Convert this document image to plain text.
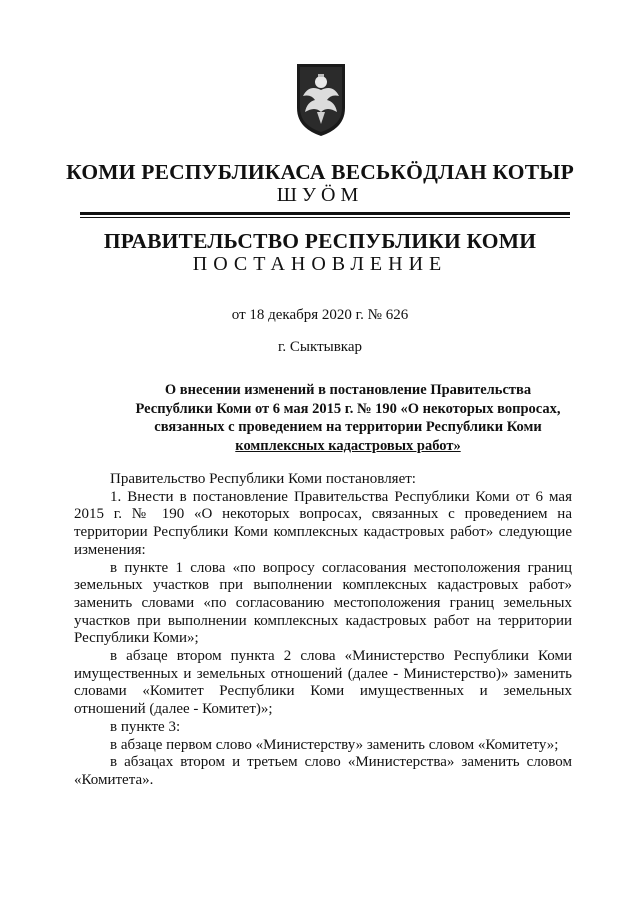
КОМИ РЕСПУБЛИКАСА ВЕСЬКӦДЛАН КОТЫР
ШУӦМ
ПРАВИТЕЛЬСТВО РЕСПУБЛИКИ КОМИ
ПОСТАНОВЛЕНИЕ
от 18 декабря 2020 г. № 626
г. Сыктывкар
О внесении изменений в постановление Правительства
Республики Коми от 6 мая 2015 г. № 190 «О некоторых вопросах,
связанных с проведением на территории Республики Коми
комплексных кадастровых работ»

Правительство Республики Коми постановляет:

1. Внести в постановление Правительства Республики Коми от 6 мая 2015 г. № 190 «О некоторых вопросах, связанных с проведением на территории Республики Коми комплексных кадастровых работ» следующие изменения:

в пункте 1 слова «по вопросу согласования местоположения границ земельных участков при выполнении комплексных кадастровых работ» заменить словами «по согласованию местоположения границ земельных участков при выполнении комплексных кадастровых работ на территории Республики Коми»;

в абзаце втором пункта 2 слова «Министерство Республики Коми имущественных и земельных отношений (далее - Министерство)» заменить словами «Комитет Республики Коми имущественных и земельных отношений (далее - Комитет)»;

в пункте 3:

в абзаце первом слово «Министерству» заменить словом «Комитету»;

в абзацах втором и третьем слово «Министерства» заменить словом «Комитета».
